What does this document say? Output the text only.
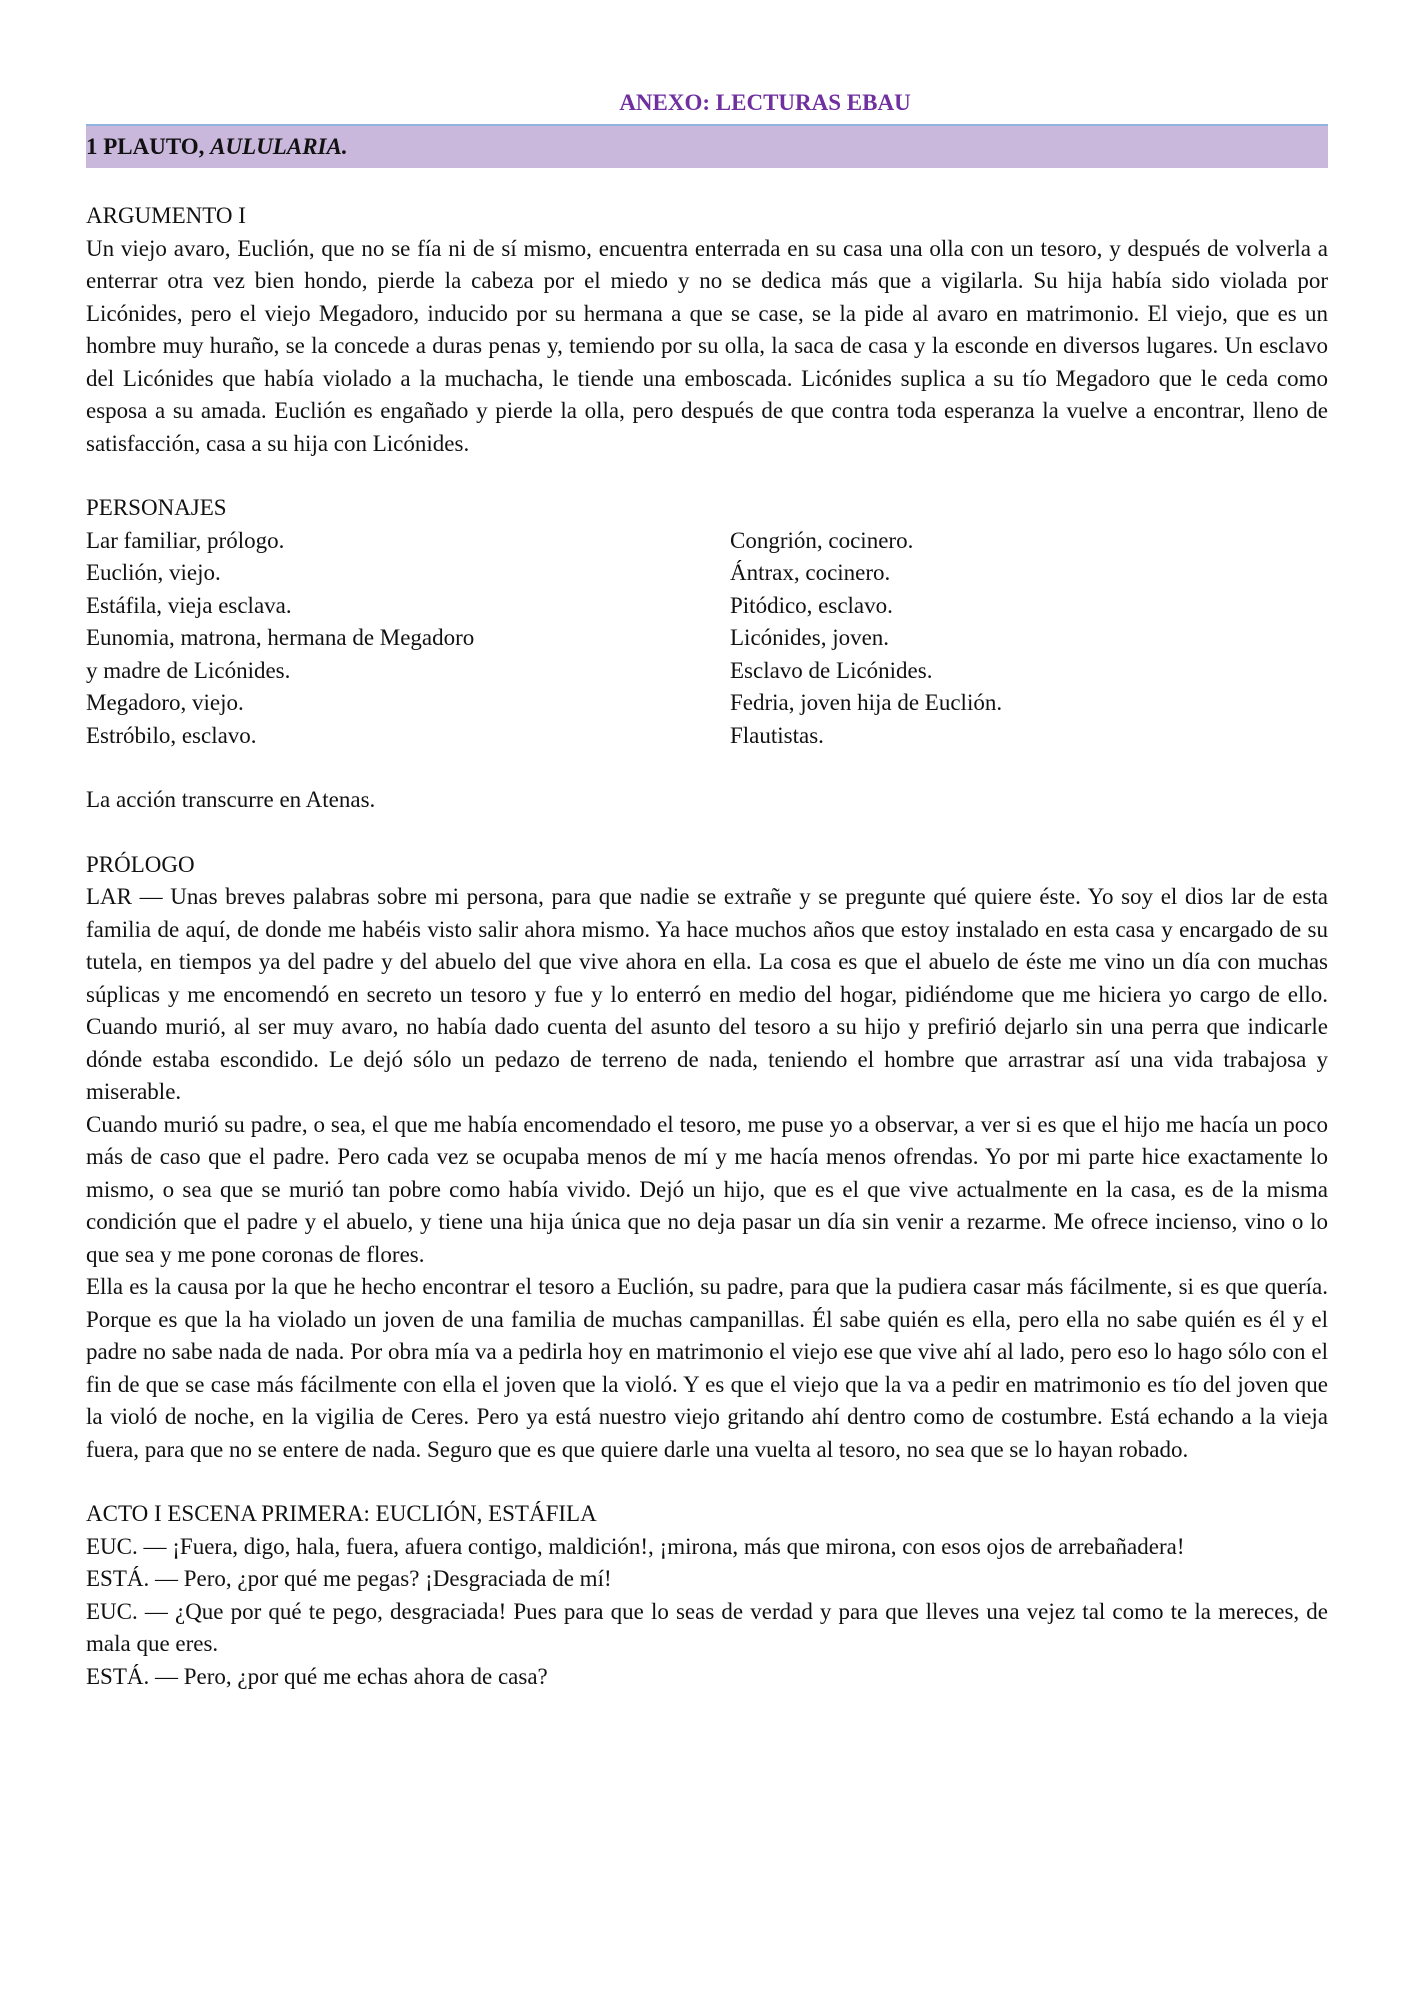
ANEXO: LECTURAS EBAU
1 PLAUTO, AULULARIA.

ARGUMENTO I

Un viejo avaro, Euclión, que no se fía ni de sí mismo, encuentra enterrada en su casa una olla con un tesoro, y después de volverla a enterrar otra vez bien hondo, pierde la cabeza por el miedo y no se dedica más que a vigilarla. Su hija había sido violada por Licónides, pero el viejo Megadoro, inducido por su hermana a que se case, se la pide al avaro en matrimonio. El viejo, que es un hombre muy huraño, se la concede a duras penas y, temiendo por su olla, la saca de casa y la esconde en diversos lugares. Un esclavo del Licónides que había violado a la muchacha, le tiende una emboscada. Licónides suplica a su tío Megadoro que le ceda como esposa a su amada. Euclión es engañado y pierde la olla, pero después de que contra toda esperanza la vuelve a encontrar, lleno de satisfacción, casa a su hija con Licónides.

PERSONAJES

Lar familiar, prólogo.

Euclión, viejo.

Estáfila, vieja esclava.

Eunomia, matrona, hermana de Megadoro

y madre de Licónides.

Megadoro, viejo.

Estróbilo, esclavo.

Congrión, cocinero.

Ántrax, cocinero.

Pitódico, esclavo.

Licónides, joven.

Esclavo de Licónides.

Fedria, joven hija de Euclión.

Flautistas.

La acción transcurre en Atenas.

PRÓLOGO

LAR — Unas breves palabras sobre mi persona, para que nadie se extrañe y se pregunte qué quiere éste. Yo soy el dios lar de esta familia de aquí, de donde me habéis visto salir ahora mismo. Ya hace muchos años que estoy instalado en esta casa y encargado de su tutela, en tiempos ya del padre y del abuelo del que vive ahora en ella. La cosa es que el abuelo de éste me vino un día con muchas súplicas y me encomendó en secreto un tesoro y fue y lo enterró en medio del hogar, pidiéndome que me hiciera yo cargo de ello. Cuando murió, al ser muy avaro, no había dado cuenta del asunto del tesoro a su hijo y prefirió dejarlo sin una perra que indicarle dónde estaba escondido. Le dejó sólo un pedazo de terreno de nada, teniendo el hombre que arrastrar así una vida trabajosa y miserable.

Cuando murió su padre, o sea, el que me había encomendado el tesoro, me puse yo a observar, a ver si es que el hijo me hacía un poco más de caso que el padre. Pero cada vez se ocupaba menos de mí y me hacía menos ofrendas. Yo por mi parte hice exactamente lo mismo, o sea que se murió tan pobre como había vivido. Dejó un hijo, que es el que vive actualmente en la casa, es de la misma condición que el padre y el abuelo, y tiene una hija única que no deja pasar un día sin venir a rezarme. Me ofrece incienso, vino o lo que sea y me pone coronas de flores.

Ella es la causa por la que he hecho encontrar el tesoro a Euclión, su padre, para que la pudiera casar más fácilmente, si es que quería. Porque es que la ha violado un joven de una familia de muchas campanillas. Él sabe quién es ella, pero ella no sabe quién es él y el padre no sabe nada de nada. Por obra mía va a pedirla hoy en matrimonio el viejo ese que vive ahí al lado, pero eso lo hago sólo con el fin de que se case más fácilmente con ella el joven que la violó. Y es que el viejo que la va a pedir en matrimonio es tío del joven que la violó de noche, en la vigilia de Ceres. Pero ya está nuestro viejo gritando ahí dentro como de costumbre. Está echando a la vieja fuera, para que no se entere de nada. Seguro que es que quiere darle una vuelta al tesoro, no sea que se lo hayan robado.

ACTO I ESCENA PRIMERA: EUCLIÓN, ESTÁFILA

EUC. — ¡Fuera, digo, hala, fuera, afuera contigo, maldición!, ¡mirona, más que mirona, con esos ojos de arrebañadera!

ESTÁ. — Pero, ¿por qué me pegas? ¡Desgraciada de mí!

EUC. — ¿Que por qué te pego, desgraciada! Pues para que lo seas de verdad y para que lleves una vejez tal como te la mereces, de mala que eres.

ESTÁ. — Pero, ¿por qué me echas ahora de casa?
